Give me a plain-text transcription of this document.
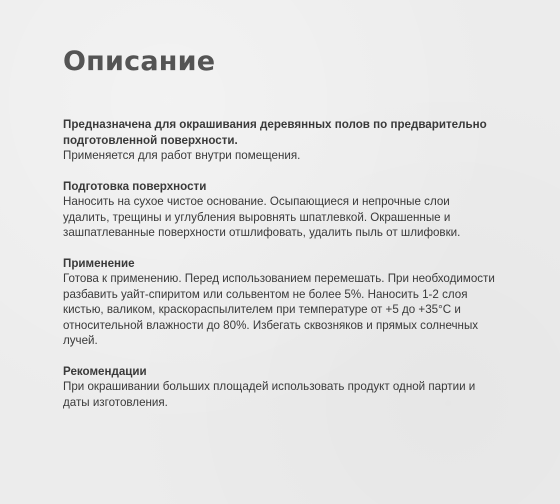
Описание

Предназначена для окрашивания деревянных полов по предварительно подготовленной поверхности.

Применяется для работ внутри помещения.

Подготовка поверхности

Наносить на сухое чистое основание. Осыпающиеся и непрочные слои удалить, трещины и углубления выровнять шпатлевкой. Окрашенные и зашпатлеванные поверхности отшлифовать, удалить пыль от шлифовки.

Применение

Готова к применению. Перед использованием перемешать. При необходимости разбавить уайт-спиритом или сольвентом не более 5%. Наносить 1-2 слоя кистью, валиком, краскораспылителем при температуре от +5 до +35°С и относительной влажности до 80%. Избегать сквозняков и прямых солнечных лучей.

Рекомендации

При окрашивании больших площадей использовать продукт одной партии и даты изготовления.
